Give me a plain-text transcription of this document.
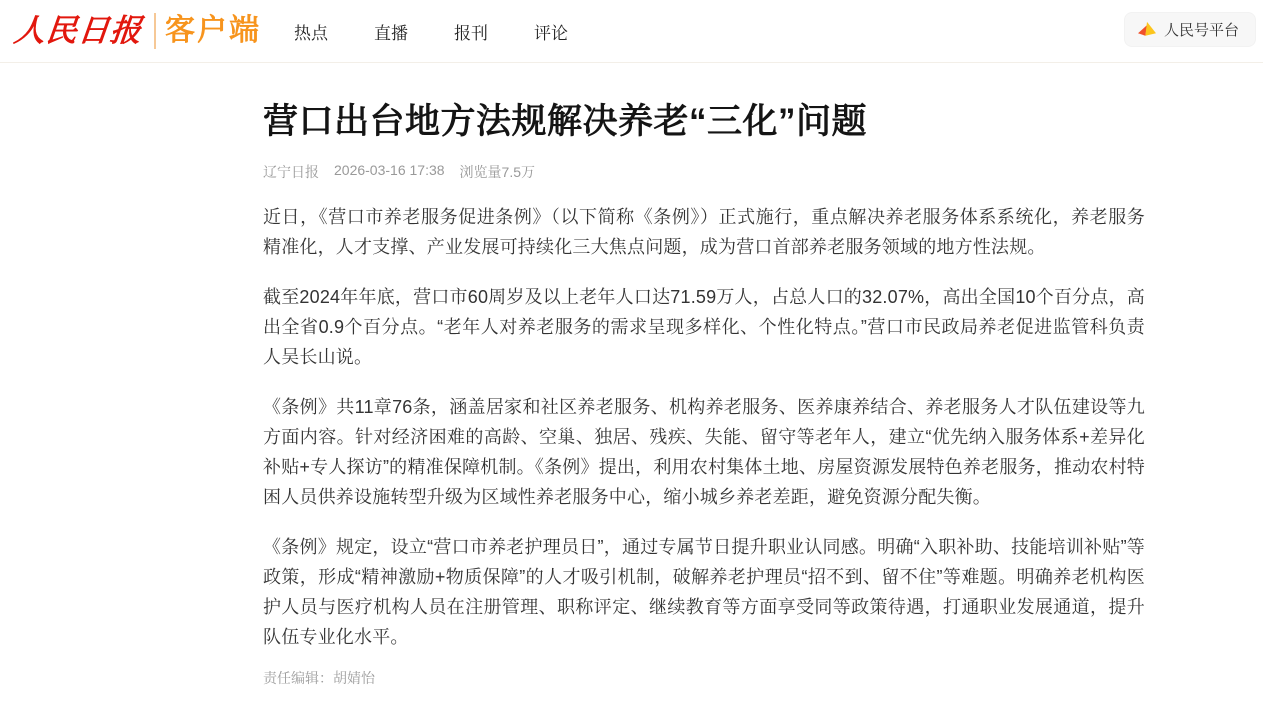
人民日报 客户端 热点	直播	报刊	评论	人民号平台
营口出台地方法规解决养老“三化”问题
辽宁日报 2026-03-16 17:38 浏览量7.5万

近日，《营口市养老服务促进条例》（以下简称《条例》）正式施行，重点解决养老服务体系系统化，养老服务精准化，人才支撑、产业发展可持续化三大焦点问题，成为营口首部养老服务领域的地方性法规。

截至2024年年底，营口市60周岁及以上老年人口达71.59万人，占总人口的32.07%，高出全国10个百分点，高出全省0.9个百分点。“老年人对养老服务的需求呈现多样化、个性化特点。”营口市民政局养老促进监管科负责人吴长山说。

《条例》共11章76条，涵盖居家和社区养老服务、机构养老服务、医养康养结合、养老服务人才队伍建设等九方面内容。针对经济困难的高龄、空巢、独居、残疾、失能、留守等老年人，建立“优先纳入服务体系+差异化补贴+专人探访”的精准保障机制。《条例》提出，利用农村集体土地、房屋资源发展特色养老服务，推动农村特困人员供养设施转型升级为区域性养老服务中心，缩小城乡养老差距，避免资源分配失衡。

《条例》规定，设立“营口市养老护理员日”，通过专属节日提升职业认同感。明确“入职补助、技能培训补贴”等政策，形成“精神激励+物质保障”的人才吸引机制，破解养老护理员“招不到、留不住”等难题。明确养老机构医护人员与医疗机构人员在注册管理、职称评定、继续教育等方面享受同等政策待遇，打通职业发展通道，提升队伍专业化水平。

责任编辑：胡婧怡
